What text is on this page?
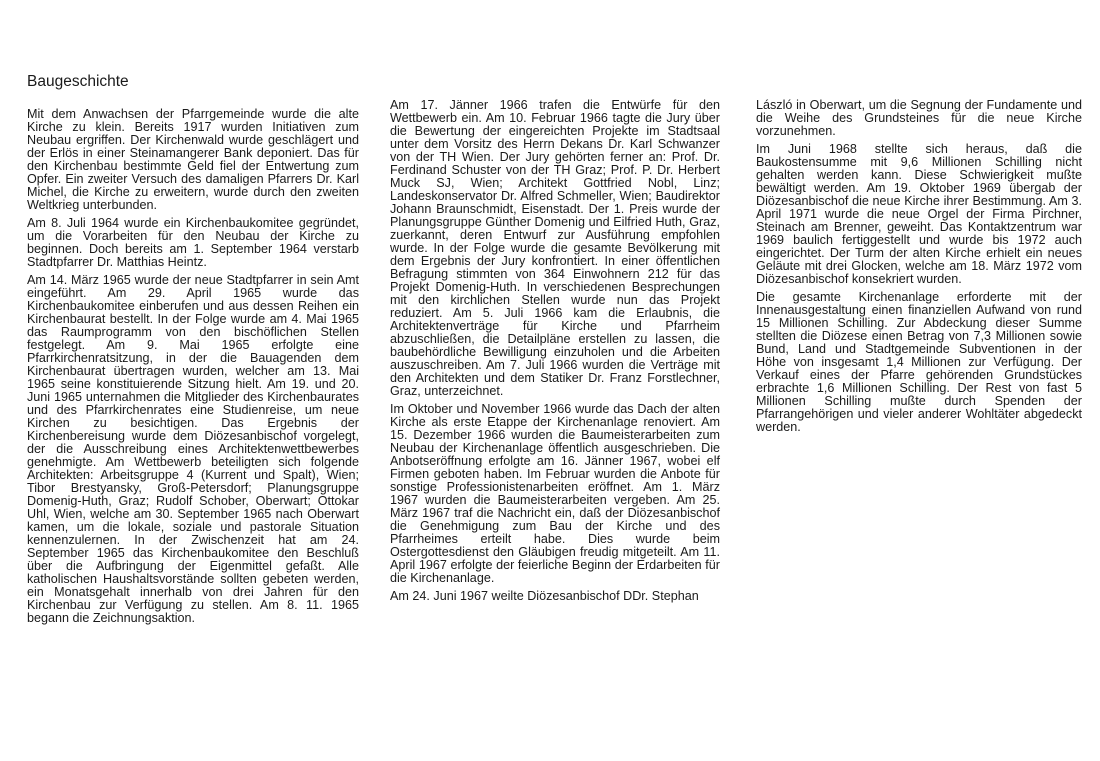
Baugeschichte

Mit dem Anwachsen der Pfarrgemeinde wurde die alte Kirche zu klein. Bereits 1917 wurden Initiativen zum Neubau ergriffen. Der Kirchenwald wurde geschlägert und der Erlös in einer Steinamangerer Bank deponiert. Das für den Kirchenbau bestimmte Geld fiel der Entwertung zum Opfer. Ein zweiter Versuch des damaligen Pfarrers Dr. Karl Michel, die Kirche zu erweitern, wurde durch den zweiten Weltkrieg unterbunden.

Am 8. Juli 1964 wurde ein Kirchenbaukomitee gegründet, um die Vorarbeiten für den Neubau der Kirche zu beginnen. Doch bereits am 1. September 1964 verstarb Stadtpfarrer Dr. Matthias Heintz.

Am 14. März 1965 wurde der neue Stadtpfarrer in sein Amt eingeführt. Am 29. April 1965 wurde das Kirchenbaukomitee einberufen und aus dessen Reihen ein Kirchenbaurat bestellt. In der Folge wurde am 4. Mai 1965 das Raumprogramm von den bischöflichen Stellen festgelegt. Am 9. Mai 1965 erfolgte eine Pfarrkirchenratsitzung, in der die Bauagenden dem Kirchenbaurat übertragen wurden, welcher am 13. Mai 1965 seine konstituierende Sitzung hielt. Am 19. und 20. Juni 1965 unternahmen die Mitglieder des Kirchenbaurates und des Pfarrkirchenrates eine Studienreise, um neue Kirchen zu besichtigen. Das Ergebnis der Kirchenbereisung wurde dem Diözesanbischof vorgelegt, der die Ausschreibung eines Architektenwettbewerbes genehmigte. Am Wettbewerb beteiligten sich folgende Architekten: Arbeitsgruppe 4 (Kurrent und Spalt), Wien; Tibor Brestyansky, Groß-Petersdorf; Planungsgruppe Domenig-Huth, Graz; Rudolf Schober, Oberwart; Ottokar Uhl, Wien, welche am 30. September 1965 nach Oberwart kamen, um die lokale, soziale und pastorale Situation kennenzulernen. In der Zwischenzeit hat am 24. September 1965 das Kirchenbaukomitee den Beschluß über die Aufbringung der Eigenmittel gefaßt. Alle katholischen Haushaltsvorstände sollten gebeten werden, ein Monatsgehalt innerhalb von drei Jahren für den Kirchenbau zur Verfügung zu stellen. Am 8. 11. 1965 begann die Zeichnungsaktion.

Am 17. Jänner 1966 trafen die Entwürfe für den Wettbewerb ein. Am 10. Februar 1966 tagte die Jury über die Bewertung der eingereichten Projekte im Stadtsaal unter dem Vorsitz des Herrn Dekans Dr. Karl Schwanzer von der TH Wien. Der Jury gehörten ferner an: Prof. Dr. Ferdinand Schuster von der TH Graz; Prof. P. Dr. Herbert Muck SJ, Wien; Architekt Gottfried Nobl, Linz; Landeskonservator Dr. Alfred Schmeller, Wien; Baudirektor Johann Braunschmidt, Eisenstadt. Der 1. Preis wurde der Planungsgruppe Günther Domenig und Eilfried Huth, Graz, zuerkannt, deren Entwurf zur Ausführung empfohlen wurde. In der Folge wurde die gesamte Bevölkerung mit dem Ergebnis der Jury konfrontiert. In einer öffentlichen Befragung stimmten von 364 Einwohnern 212 für das Projekt Domenig-Huth. In verschiedenen Besprechungen mit den kirchlichen Stellen wurde nun das Projekt reduziert. Am 5. Juli 1966 kam die Erlaubnis, die Architektenverträge für Kirche und Pfarrheim abzuschließen, die Detailpläne erstellen zu lassen, die baubehördliche Bewilligung einzuholen und die Arbeiten auszuschreiben. Am 7. Juli 1966 wurden die Verträge mit den Architekten und dem Statiker Dr. Franz Forstlechner, Graz, unterzeichnet.

Im Oktober und November 1966 wurde das Dach der alten Kirche als erste Etappe der Kirchenanlage renoviert. Am 15. Dezember 1966 wurden die Baumeisterarbeiten zum Neubau der Kirchenanlage öffentlich ausgeschrieben. Die Anbotseröffnung erfolgte am 16. Jänner 1967, wobei elf Firmen geboten haben. Im Februar wurden die Anbote für sonstige Professionistenarbeiten eröffnet. Am 1. März 1967 wurden die Baumeisterarbeiten vergeben. Am 25. März 1967 traf die Nachricht ein, daß der Diözesanbischof die Genehmigung zum Bau der Kirche und des Pfarrheimes erteilt habe. Dies wurde beim Ostergottesdienst den Gläubigen freudig mitgeteilt. Am 11. April 1967 erfolgte der feierliche Beginn der Erdarbeiten für die Kirchenanlage.

Am 24. Juni 1967 weilte Diözesanbischof DDr. Stephan

László in Oberwart, um die Segnung der Fundamente und die Weihe des Grundsteines für die neue Kirche vorzunehmen.

Im Juni 1968 stellte sich heraus, daß die Baukostensumme mit 9,6 Millionen Schilling nicht gehalten werden kann. Diese Schwierigkeit mußte bewältigt werden. Am 19. Oktober 1969 übergab der Diözesanbischof die neue Kirche ihrer Bestimmung. Am 3. April 1971 wurde die neue Orgel der Firma Pirchner, Steinach am Brenner, geweiht. Das Kontaktzentrum war 1969 baulich fertiggestellt und wurde bis 1972 auch eingerichtet. Der Turm der alten Kirche erhielt ein neues Geläute mit drei Glocken, welche am 18. März 1972 vom Diözesanbischof konsekriert wurden.

Die gesamte Kirchenanlage erforderte mit der Innenausgestaltung einen finanziellen Aufwand von rund 15 Millionen Schilling. Zur Abdeckung dieser Summe stellten die Diözese einen Betrag von 7,3 Millionen sowie Bund, Land und Stadtgemeinde Subventionen in der Höhe von insgesamt 1,4 Millionen zur Verfügung. Der Verkauf eines der Pfarre gehörenden Grundstückes erbrachte 1,6 Millionen Schilling. Der Rest von fast 5 Millionen Schilling mußte durch Spenden der Pfarrangehörigen und vieler anderer Wohltäter abgedeckt werden.
